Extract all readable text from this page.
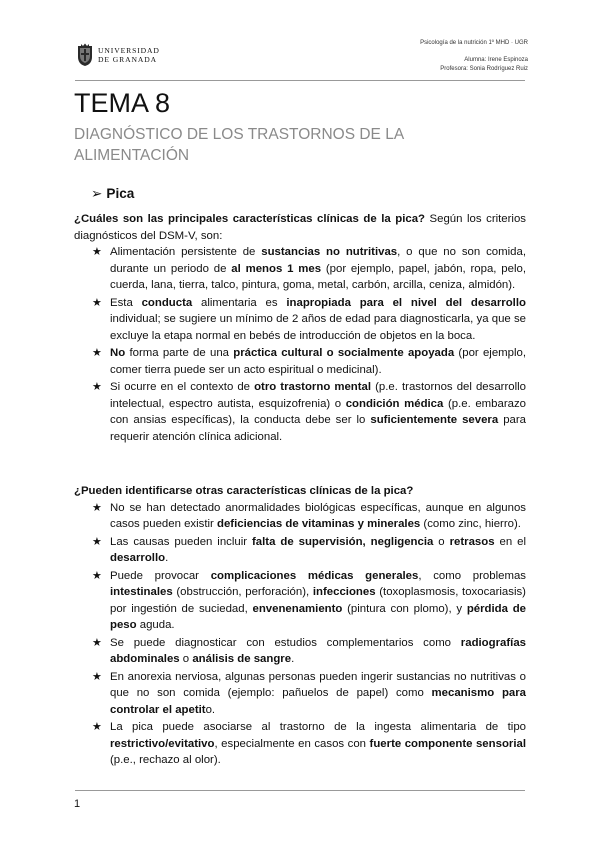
UNIVERSIDAD
DE GRANADA
Psicología de la nutrición 1º MHD · UGR
Alumna: Irene Espinoza
Profesora: Sonia Rodríguez Ruiz
TEMA 8
DIAGNÓSTICO DE LOS TRASTORNOS DE LA ALIMENTACIÓN
➢ Pica

¿Cuáles son las principales características clínicas de la pica? Según los criterios diagnósticos del DSM-V, son:

★ Alimentación persistente de sustancias no nutritivas, o que no son comida, durante un periodo de al menos 1 mes (por ejemplo, papel, jabón, ropa, pelo, cuerda, lana, tierra, talco, pintura, goma, metal, carbón, arcilla, ceniza, almidón).
★ Esta conducta alimentaria es inapropiada para el nivel del desarrollo individual; se sugiere un mínimo de 2 años de edad para diagnosticarla, ya que se excluye la etapa normal en bebés de introducción de objetos en la boca.
★ No forma parte de una práctica cultural o socialmente apoyada (por ejemplo, comer tierra puede ser un acto espiritual o medicinal).
★ Si ocurre en el contexto de otro trastorno mental (p.e. trastornos del desarrollo intelectual, espectro autista, esquizofrenia) o condición médica (p.e. embarazo con ansias específicas), la conducta debe ser lo suficientemente severa para requerir atención clínica adicional.

¿Pueden identificarse otras características clínicas de la pica?

★ No se han detectado anormalidades biológicas específicas, aunque en algunos casos pueden existir deficiencias de vitaminas y minerales (como zinc, hierro).
★ Las causas pueden incluir falta de supervisión, negligencia o retrasos en el desarrollo.
★ Puede provocar complicaciones médicas generales, como problemas intestinales (obstrucción, perforación), infecciones (toxoplasmosis, toxocariasis) por ingestión de suciedad, envenenamiento (pintura con plomo), y pérdida de peso aguda.
★ Se puede diagnosticar con estudios complementarios como radiografías abdominales o análisis de sangre.
★ En anorexia nerviosa, algunas personas pueden ingerir sustancias no nutritivas o que no son comida (ejemplo: pañuelos de papel) como mecanismo para controlar el apetito.
★ La pica puede asociarse al trastorno de la ingesta alimentaria de tipo restrictivo/evitativo, especialmente en casos con fuerte componente sensorial (p.e., rechazo al olor).
1
